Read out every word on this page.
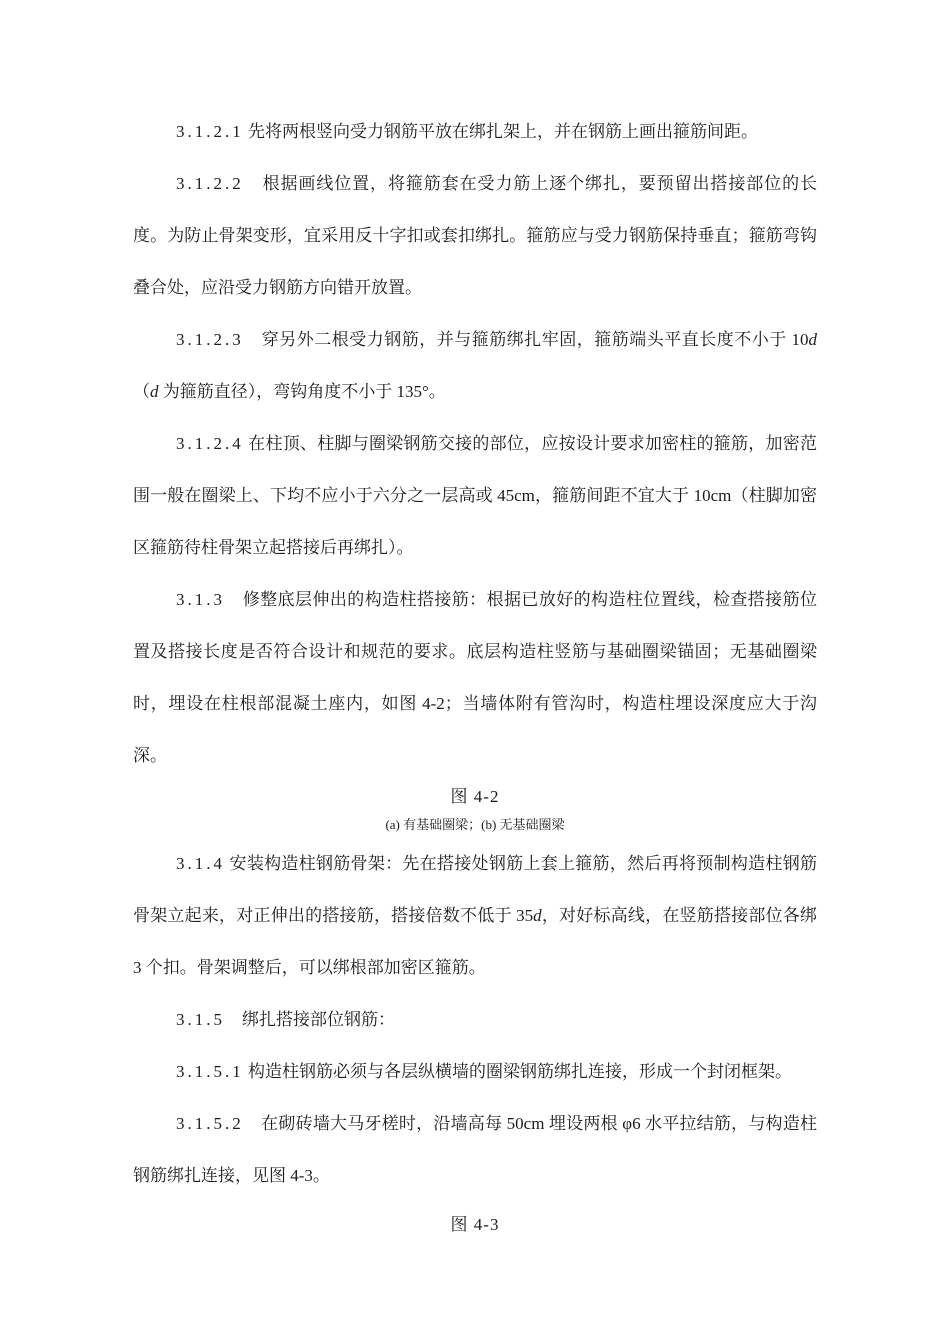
3.1.2.1 先将两根竖向受力钢筋平放在绑扎架上，并在钢筋上画出箍筋间距。

3.1.2.2　根据画线位置，将箍筋套在受力筋上逐个绑扎，要预留出搭接部位的长度。为防止骨架变形，宜采用反十字扣或套扣绑扎。箍筋应与受力钢筋保持垂直；箍筋弯钩叠合处，应沿受力钢筋方向错开放置。

3.1.2.3　穿另外二根受力钢筋，并与箍筋绑扎牢固，箍筋端头平直长度不小于 10d（d 为箍筋直径），弯钩角度不小于 135°。

3.1.2.4 在柱顶、柱脚与圈梁钢筋交接的部位，应按设计要求加密柱的箍筋，加密范围一般在圈梁上、下均不应小于六分之一层高或 45cm，箍筋间距不宜大于 10cm（柱脚加密区箍筋待柱骨架立起搭接后再绑扎）。

3.1.3　修整底层伸出的构造柱搭接筋：根据已放好的构造柱位置线，检查搭接筋位置及搭接长度是否符合设计和规范的要求。底层构造柱竖筋与基础圈梁锚固；无基础圈梁时，埋设在柱根部混凝土座内，如图 4-2；当墙体附有管沟时，构造柱埋设深度应大于沟深。

图 4-2
(a) 有基础圈梁；(b) 无基础圈梁

3.1.4 安装构造柱钢筋骨架：先在搭接处钢筋上套上箍筋，然后再将预制构造柱钢筋骨架立起来，对正伸出的搭接筋，搭接倍数不低于 35d，对好标高线，在竖筋搭接部位各绑 3 个扣。骨架调整后，可以绑根部加密区箍筋。

3.1.5　绑扎搭接部位钢筋：

3.1.5.1 构造柱钢筋必须与各层纵横墙的圈梁钢筋绑扎连接，形成一个封闭框架。

3.1.5.2　在砌砖墙大马牙槎时，沿墙高每 50cm 埋设两根 φ6 水平拉结筋，与构造柱钢筋绑扎连接，见图 4-3。

图 4-3
